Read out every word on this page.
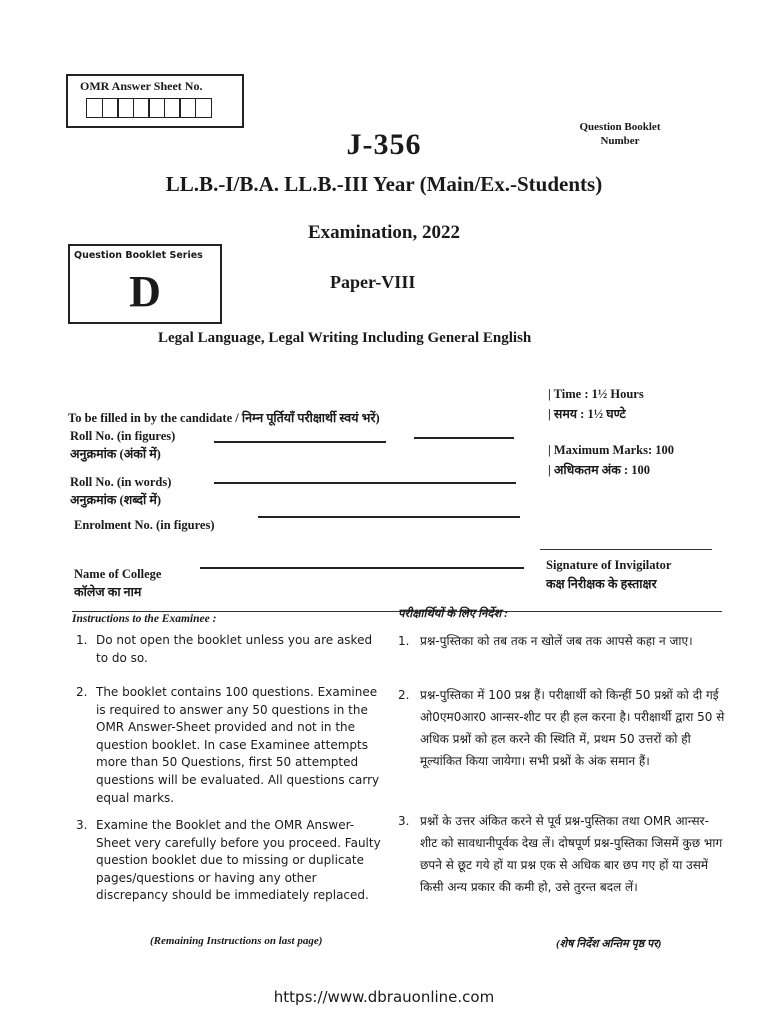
OMR Answer Sheet No.
Question Booklet
Number
J-356
LL.B.-I/B.A. LL.B.-III Year (Main/Ex.-Students)
Examination, 2022
Question Booklet Series
D	Paper-VIII
Legal Language, Legal Writing Including General English
To be filled in by the candidate / निम्न पूर्तियाँ परीक्षार्थी स्वयं भरें)
Roll No. (in figures)
अनुक्रमांक (अंकों में)
Roll No. (in words)
अनुक्रमांक (शब्दों में)
Enrolment No. (in figures)
Name of College
कॉलेज का नाम
| Time : 1½ Hours
| समय : 1½ घण्टे
| Maximum Marks: 100
| अधिकतम अंक : 100
Signature of Invigilator
कक्ष निरीक्षक के हस्ताक्षर
Instructions to the Examinee :
1. Do not open the booklet unless you are asked to do so.
2. The booklet contains 100 questions. Examinee is required to answer any 50 questions in the OMR Answer-Sheet provided and not in the question booklet. In case Examinee attempts more than 50 Questions, first 50 attempted questions will be evaluated. All questions carry equal marks.
3. Examine the Booklet and the OMR Answer-Sheet very carefully before you proceed. Faulty question booklet due to missing or duplicate pages/questions or having any other discrepancy should be immediately replaced.
(Remaining Instructions on last page)
परीक्षार्थियों के लिए निर्देश :
1. प्रश्न-पुस्तिका को तब तक न खोलें जब तक आपसे कहा न जाए।
2. प्रश्न-पुस्तिका में 100 प्रश्न हैं। परीक्षार्थी को किन्हीं 50 प्रश्नों को दी गई ओ0एम0आर0 आन्सर-शीट पर ही हल करना है। परीक्षार्थी द्वारा 50 से अधिक प्रश्नों को हल करने की स्थिति में, प्रथम 50 उत्तरों को ही मूल्यांकित किया जायेगा। सभी प्रश्नों के अंक समान हैं।
3. प्रश्नों के उत्तर अंकित करने से पूर्व प्रश्न-पुस्तिका तथा OMR आन्सर-शीट को सावधानीपूर्वक देख लें। दोषपूर्ण प्रश्न-पुस्तिका जिसमें कुछ भाग छपने से छूट गये हों या प्रश्न एक से अधिक बार छप गए हों या उसमें किसी अन्य प्रकार की कमी हो, उसे तुरन्त बदल लें।
(शेष निर्देश अन्तिम पृष्ठ पर)
https://www.dbrauonline.com
